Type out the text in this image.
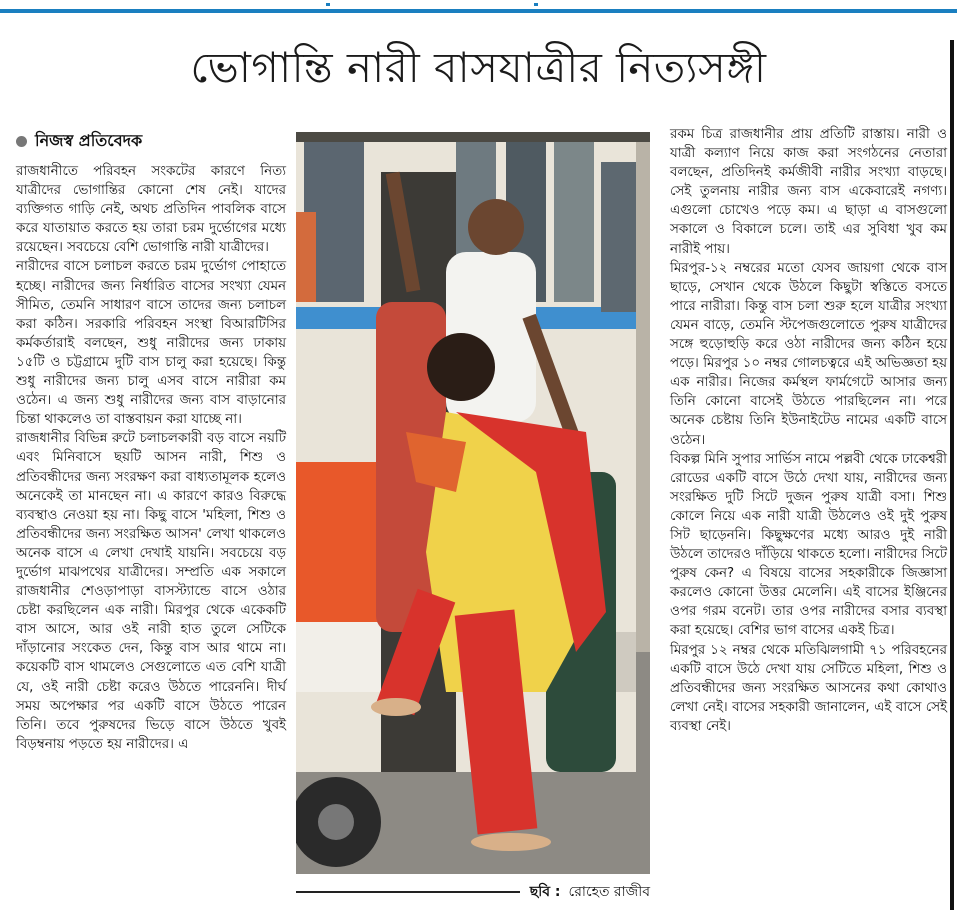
ভোগান্তি নারী বাসযাত্রীর নিত্যসঙ্গী
নিজস্ব প্রতিবেদক

রাজধানীতে পরিবহন সংকটের কারণে নিত্য যাত্রীদের ভোগান্তির কোনো শেষ নেই। যাদের ব্যক্তিগত গাড়ি নেই, অথচ প্রতিদিন পাবলিক বাসে করে যাতায়াত করতে হয় তারা চরম দুর্ভোগের মধ্যে রয়েছেন। সবচেয়ে বেশি ভোগান্তি নারী যাত্রীদের।

নারীদের বাসে চলাচল করতে চরম দুর্ভোগ পোহাতে হচ্ছে। নারীদের জন্য নির্ধারিত বাসের সংখ্যা যেমন সীমিত, তেমনি সাধারণ বাসে তাদের জন্য চলাচল করা কঠিন। সরকারি পরিবহন সংস্থা বিআরটিসির কর্মকর্তারাই বলছেন, শুধু নারীদের জন্য ঢাকায় ১৫টি ও চট্টগ্রামে দুটি বাস চালু করা হয়েছে। কিন্তু শুধু নারীদের জন্য চালু এসব বাসে নারীরা কম ওঠেন। এ জন্য শুধু নারীদের জন্য বাস বাড়ানোর চিন্তা থাকলেও তা বাস্তবায়ন করা যাচ্ছে না।

রাজধানীর বিভিন্ন রুটে চলাচলকারী বড় বাসে নয়টি এবং মিনিবাসে ছয়টি আসন নারী, শিশু ও প্রতিবন্ধীদের জন্য সংরক্ষণ করা বাধ্যতামূলক হলেও অনেকেই তা মানছেন না। এ কারণে কারও বিরুদ্ধে ব্যবস্থাও নেওয়া হয় না। কিছু বাসে 'মহিলা, শিশু ও প্রতিবন্ধীদের জন্য সংরক্ষিত আসন' লেখা থাকলেও অনেক বাসে এ লেখা দেখাই যায়নি। সবচেয়ে বড় দুর্ভোগ মাঝপথের যাত্রীদের। সম্প্রতি এক সকালে রাজধানীর শেওড়াপাড়া বাসস্ট্যান্ডে বাসে ওঠার চেষ্টা করছিলেন এক নারী। মিরপুর থেকে একেকটি বাস আসে, আর ওই নারী হাত তুলে সেটিকে দাঁড়ানোর সংকেত দেন, কিন্তু বাস আর থামে না। কয়েকটি বাস থামলেও সেগুলোতে এত বেশি যাত্রী যে, ওই নারী চেষ্টা করেও উঠতে পারেননি। দীর্ঘ সময় অপেক্ষার পর একটি বাসে উঠতে পারেন তিনি। তবে পুরুষদের ভিড়ে বাসে উঠতে খুবই বিড়ম্বনায় পড়তে হয় নারীদের। এ

ছবি : রোহেত রাজীব

রকম চিত্র রাজধানীর প্রায় প্রতিটি রাস্তায়। নারী ও যাত্রী কল্যাণ নিয়ে কাজ করা সংগঠনের নেতারা বলছেন, প্রতিদিনই কর্মজীবী নারীর সংখ্যা বাড়ছে। সেই তুলনায় নারীর জন্য বাস একেবারেই নগণ্য। এগুলো চোখেও পড়ে কম। এ ছাড়া এ বাসগুলো সকালে ও বিকালে চলে। তাই এর সুবিধা খুব কম নারীই পায়।

মিরপুর-১২ নম্বরের মতো যেসব জায়গা থেকে বাস ছাড়ে, সেখান থেকে উঠলে কিছুটা স্বস্তিতে বসতে পারে নারীরা। কিন্তু বাস চলা শুরু হলে যাত্রীর সংখ্যা যেমন বাড়ে, তেমনি স্টপেজগুলোতে পুরুষ যাত্রীদের সঙ্গে হুড়োহুড়ি করে ওঠা নারীদের জন্য কঠিন হয়ে পড়ে। মিরপুর ১০ নম্বর গোলচত্বরে এই অভিজ্ঞতা হয় এক নারীর। নিজের কর্মস্থল ফার্মগেটে আসার জন্য তিনি কোনো বাসেই উঠতে পারছিলেন না। পরে অনেক চেষ্টায় তিনি ইউনাইটেড নামের একটি বাসে ওঠেন।

বিকল্প মিনি সুপার সার্ভিস নামে পল্লবী থেকে ঢাকেশ্বরী রোডের একটি বাসে উঠে দেখা যায়, নারীদের জন্য সংরক্ষিত দুটি সিটে দুজন পুরুষ যাত্রী বসা। শিশু কোলে নিয়ে এক নারী যাত্রী উঠলেও ওই দুই পুরুষ সিট ছাড়েননি। কিছুক্ষণের মধ্যে আরও দুই নারী উঠলে তাদেরও দাঁড়িয়ে থাকতে হলো। নারীদের সিটে পুরুষ কেন? এ বিষয়ে বাসের সহকারীকে জিজ্ঞাসা করলেও কোনো উত্তর মেলেনি। এই বাসের ইঞ্জিনের ওপর গরম বনেট। তার ওপর নারীদের বসার ব্যবস্থা করা হয়েছে। বেশির ভাগ বাসের একই চিত্র।

মিরপুর ১২ নম্বর থেকে মতিঝিলগামী ৭১ পরিবহনের একটি বাসে উঠে দেখা যায় সেটিতে মহিলা, শিশু ও প্রতিবন্ধীদের জন্য সংরক্ষিত আসনের কথা কোথাও লেখা নেই। বাসের সহকারী জানালেন, এই বাসে সেই ব্যবস্থা নেই।
